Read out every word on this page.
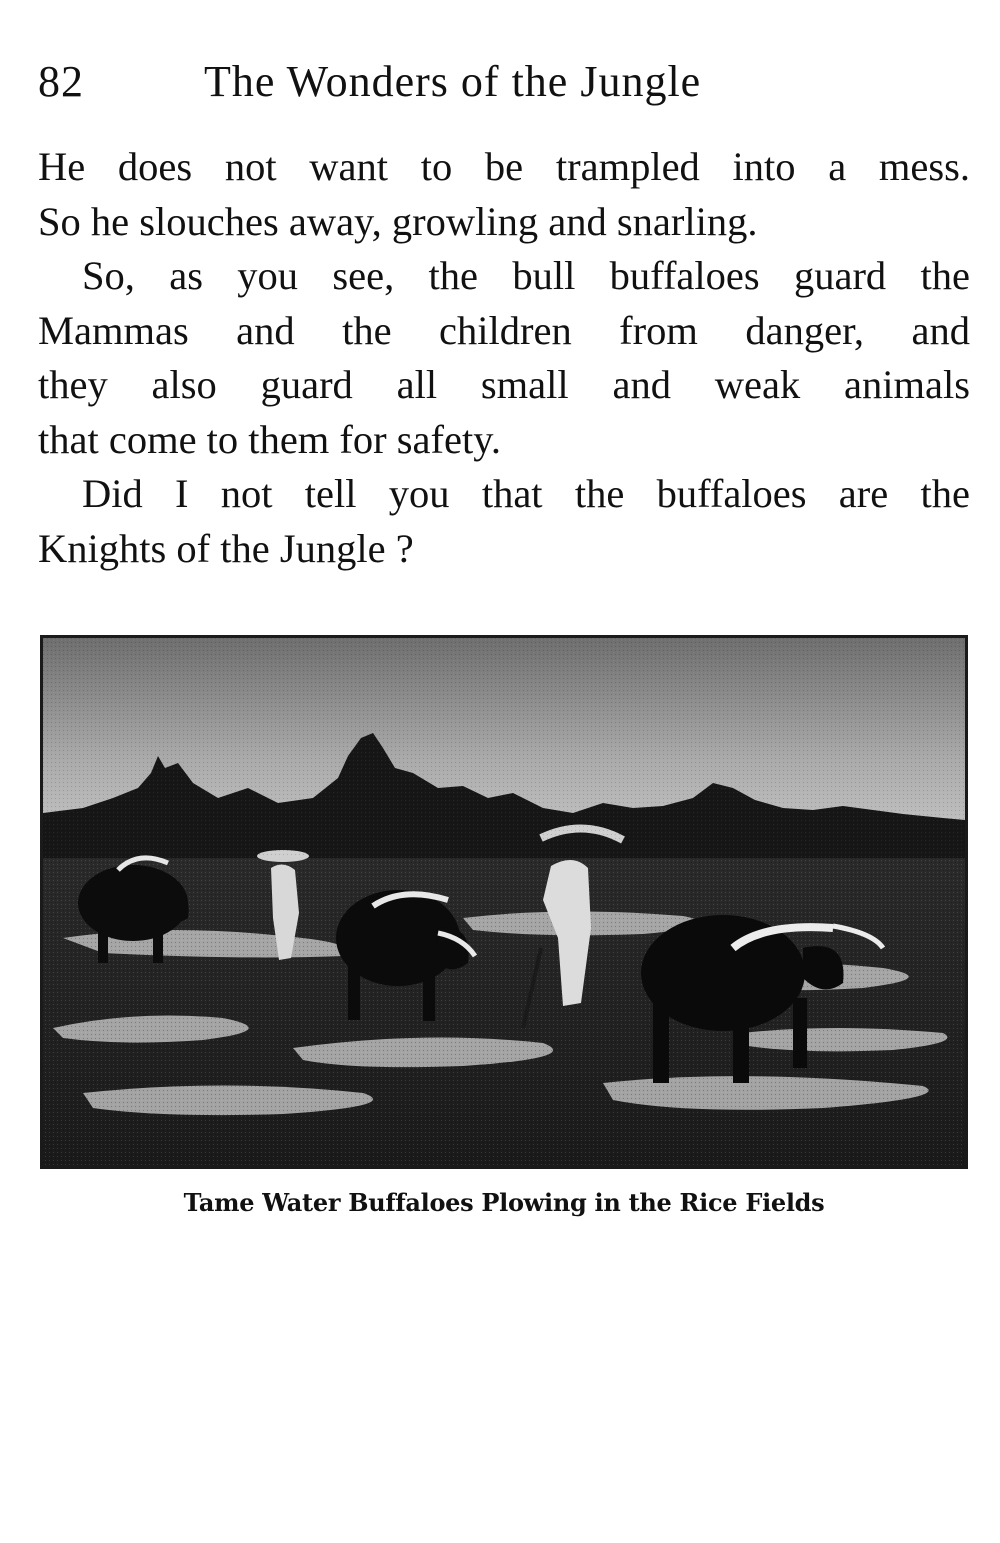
82	The Wonders of the Jungle
He does not want to be trampled into a mess.
So he slouches away, growling and snarling.
So, as you see, the bull buffaloes guard the
Mammas and the children from danger, and
they also guard all small and weak animals
that come to them for safety.
Did I not tell you that the buffaloes are the
Knights of the Jungle ?
Tame Water Buffaloes Plowing in the Rice Fields
